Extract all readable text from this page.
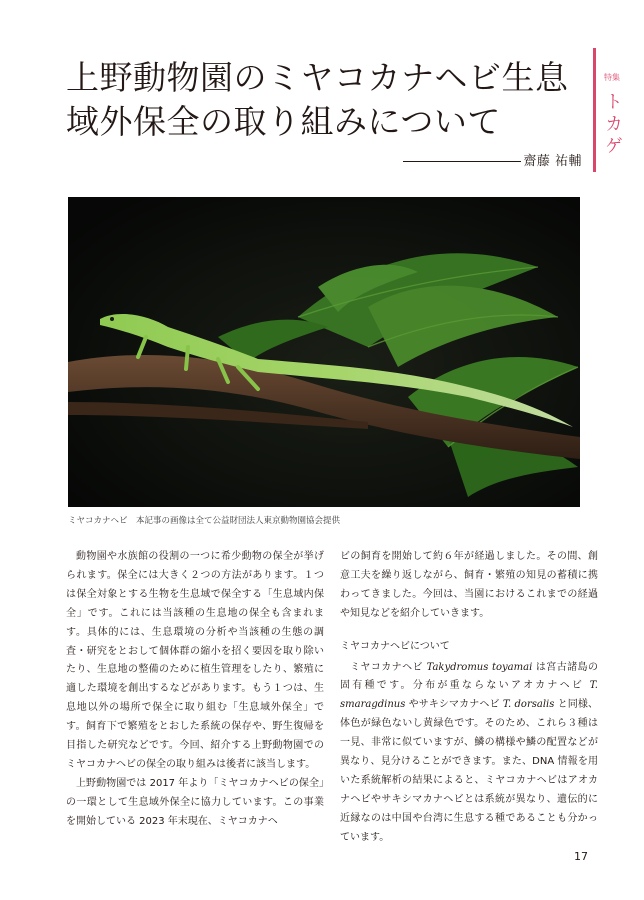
上野動物園のミヤコカナヘビ生息
域外保全の取り組みについて
齋藤 祐輔
特集
トカゲ
ミヤコカナヘビ　本記事の画像は全て公益財団法人東京動物園協会提供

動物園や水族館の役割の一つに希少動物の保全が挙げられます。保全には大きく２つの方法があります。１つは保全対象とする生物を生息域で保全する「生息域内保全」です。これには当該種の生息地の保全も含まれます。具体的には、生息環境の分析や当該種の生態の調査・研究をとおして個体群の縮小を招く要因を取り除いたり、生息地の整備のために植生管理をしたり、繁殖に適した環境を創出するなどがあります。もう１つは、生息地以外の場所で保全に取り組む「生息域外保全」です。飼育下で繁殖をとおした系統の保存や、野生復帰を目指した研究などです。今回、紹介する上野動物園でのミヤコカナヘビの保全の取り組みは後者に該当します。

上野動物園では 2017 年より「ミヤコカナヘビの保全」の一環として生息域外保全に協力しています。この事業を開始している 2023 年末現在、ミヤコカナヘ

ビの飼育を開始して約６年が経過しました。その間、創意工夫を繰り返しながら、飼育・繁殖の知見の蓄積に携わってきました。今回は、当園におけるこれまでの経過や知見などを紹介していきます。

ミヤコカナヘビについて

ミヤコカナヘビ Takydromus toyamai は宮古諸島の固有種です。分布が重ならないアオカナヘビ T. smaragdinus やサキシマカナヘビ T. dorsalis と同様、体色が緑色ないし黄緑色です。そのため、これら３種は一見、非常に似ていますが、鱗の構様や鱗の配置などが異なり、見分けることができます。また、DNA 情報を用いた系統解析の結果によると、ミヤコカナヘビはアオカナヘビやサキシマカナヘビとは系統が異なり、遺伝的に近縁なのは中国や台湾に生息する種であることも分かっています。

17
